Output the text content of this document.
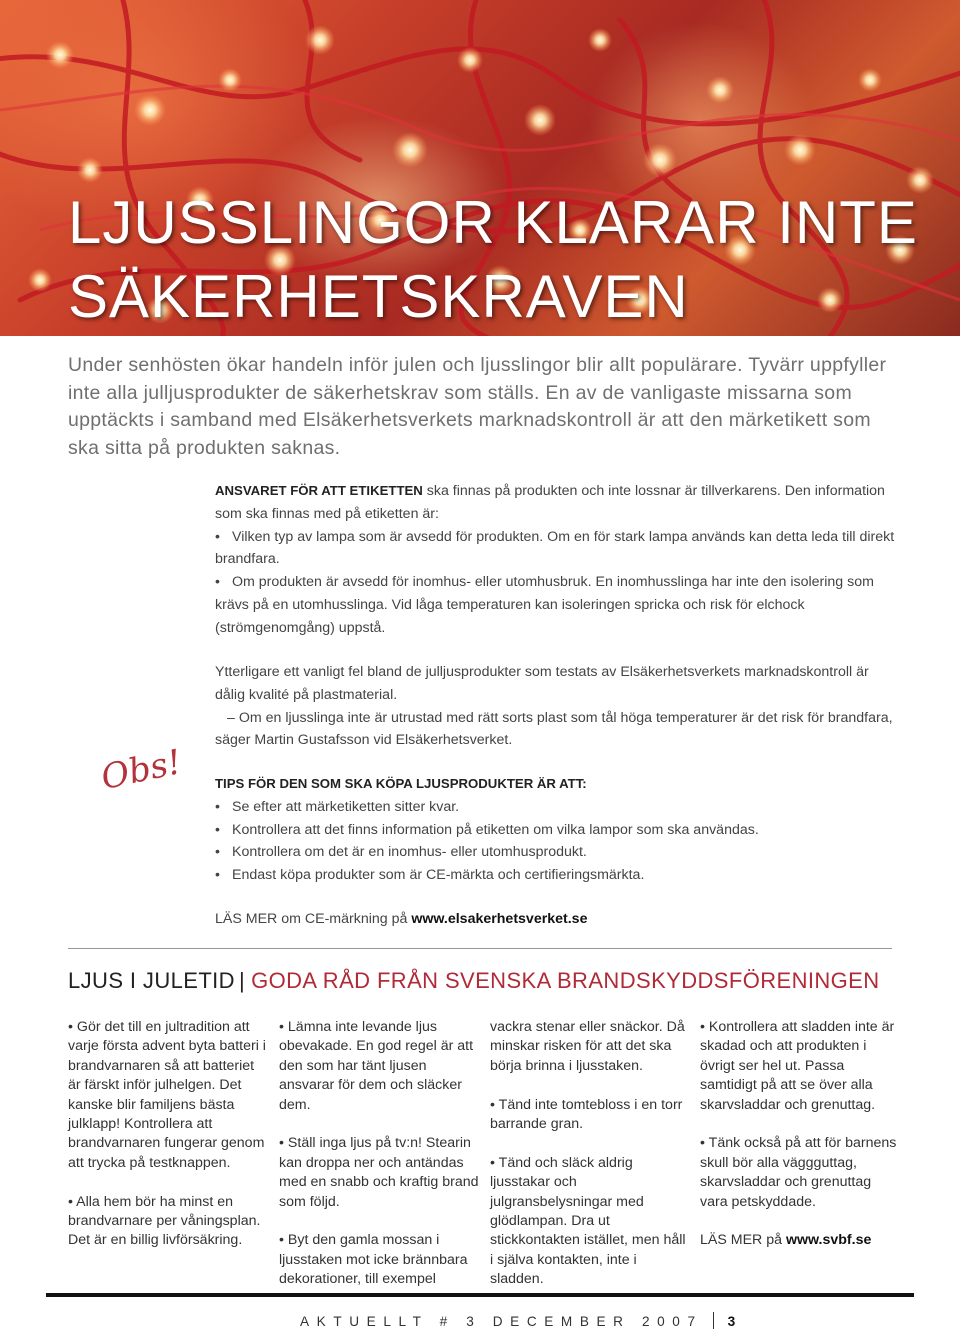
LJUSSLINGOR KLARAR INTE
SÄKERHETSKRAVEN

Under senhösten ökar handeln inför julen och ljusslingor blir allt populärare. Tyvärr uppfyller inte alla julljusprodukter de säkerhetskrav som ställs. En av de vanligaste missarna som upptäckts i samband med Elsäkerhetsverkets marknadskontroll är att den märketikett som ska sitta på produkten saknas.

ANSVARET FÖR ATT ETIKETTEN ska finnas på produkten och inte lossnar är tillverkarens. Den information som ska finnas med på etiketten är:
• Vilken typ av lampa som är avsedd för produkten. Om en för stark lampa används kan detta leda till direkt brandfara.
• Om produkten är avsedd för inomhus- eller utomhusbruk. En inomhusslinga har inte den isolering som krävs på en utomhusslinga. Vid låga temperaturen kan isoleringen spricka och risk för elchock (strömgenomgång) uppstå.
Ytterligare ett vanligt fel bland de julljusprodukter som testats av Elsäkerhetsverkets marknadskontroll är dålig kvalité på plastmaterial.
– Om en ljusslinga inte är utrustad med rätt sorts plast som tål höga temperaturer är det risk för brandfara, säger Martin Gustafsson vid Elsäkerhetsverket.
Obs! TIPS FÖR DEN SOM SKA KÖPA LJUSPRODUKTER ÄR ATT:
• Se efter att märketiketten sitter kvar.
• Kontrollera att det finns information på etiketten om vilka lampor som ska användas.
• Kontrollera om det är en inomhus- eller utomhusprodukt.
• Endast köpa produkter som är CE-märkta och certifieringsmärkta.
LÄS MER om CE-märkning på www.elsakerhetsverket.se
LJUS I JULETID | GODA RÅD FRÅN SVENSKA BRANDSKYDDSFÖRENINGEN

• Gör det till en jultradition att varje första advent byta batteri i brandvarnaren så att batteriet är färskt inför julhelgen. Det kanske blir familjens bästa julklapp! Kontrollera att brandvarnaren fungerar genom att trycka på testknappen.

• Alla hem bör ha minst en brandvarnare per våningsplan. Det är en billig livförsäkring.

• Lämna inte levande ljus obevakade. En god regel är att den som har tänt ljusen ansvarar för dem och släcker dem.

• Ställ inga ljus på tv:n! Stearin kan droppa ner och antändas med en snabb och kraftig brand som följd.

• Byt den gamla mossan i ljusstaken mot icke brännbara dekorationer, till exempel

vackra stenar eller snäckor. Då minskar risken för att det ska börja brinna i ljusstaken.

• Tänd inte tomtebloss i en torr barrande gran.

• Tänd och släck aldrig ljusstakar och julgransbelysningar med glödlampan. Dra ut stickkontakten istället, men håll i själva kontakten, inte i sladden.

• Kontrollera att sladden inte är skadad och att produkten i övrigt ser hel ut. Passa samtidigt på att se över alla skarvsladdar och grenuttag.

• Tänk också på att för barnens skull bör alla väggguttag, skarvsladdar och grenuttag vara petskyddade.

LÄS MER på www.svbf.se

AKTUELLT # 3 DECEMBER 2007 3
